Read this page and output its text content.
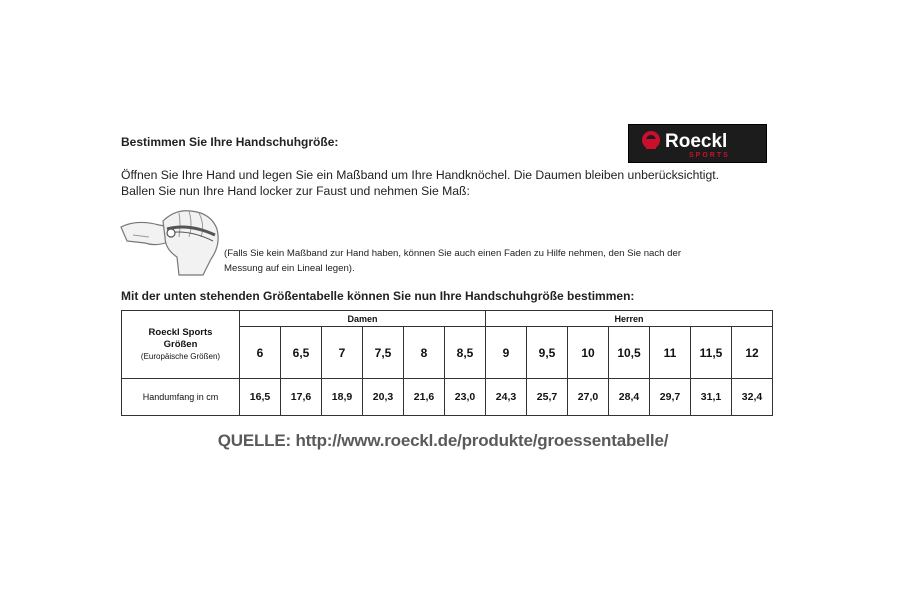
Bestimmen Sie Ihre Handschuhgröße:	Roeckl
SPORTS
Öffnen Sie Ihre Hand und legen Sie ein Maßband um Ihre Handknöchel. Die Daumen bleiben unberücksichtigt.
Ballen Sie nun Ihre Hand locker zur Faust und nehmen Sie Maß:
(Falls Sie kein Maßband zur Hand haben, können Sie auch einen Faden zu Hilfe nehmen, den Sie nach der
Messung auf ein Lineal legen).
Mit der unten stehenden Größentabelle können Sie nun Ihre Handschuhgröße bestimmen:
Roeckl Sports
Größen
(Europäische Größen)	Damen						Herren						
	6	6,5	7	7,5	8	8,5	9	9,5	10	10,5	11	11,5	12
Handumfang in cm	16,5	17,6	18,9	20,3	21,6	23,0	24,3	25,7	27,0	28,4	29,7	31,1	32,4
QUELLE: http://www.roeckl.de/produkte/groessentabelle/
